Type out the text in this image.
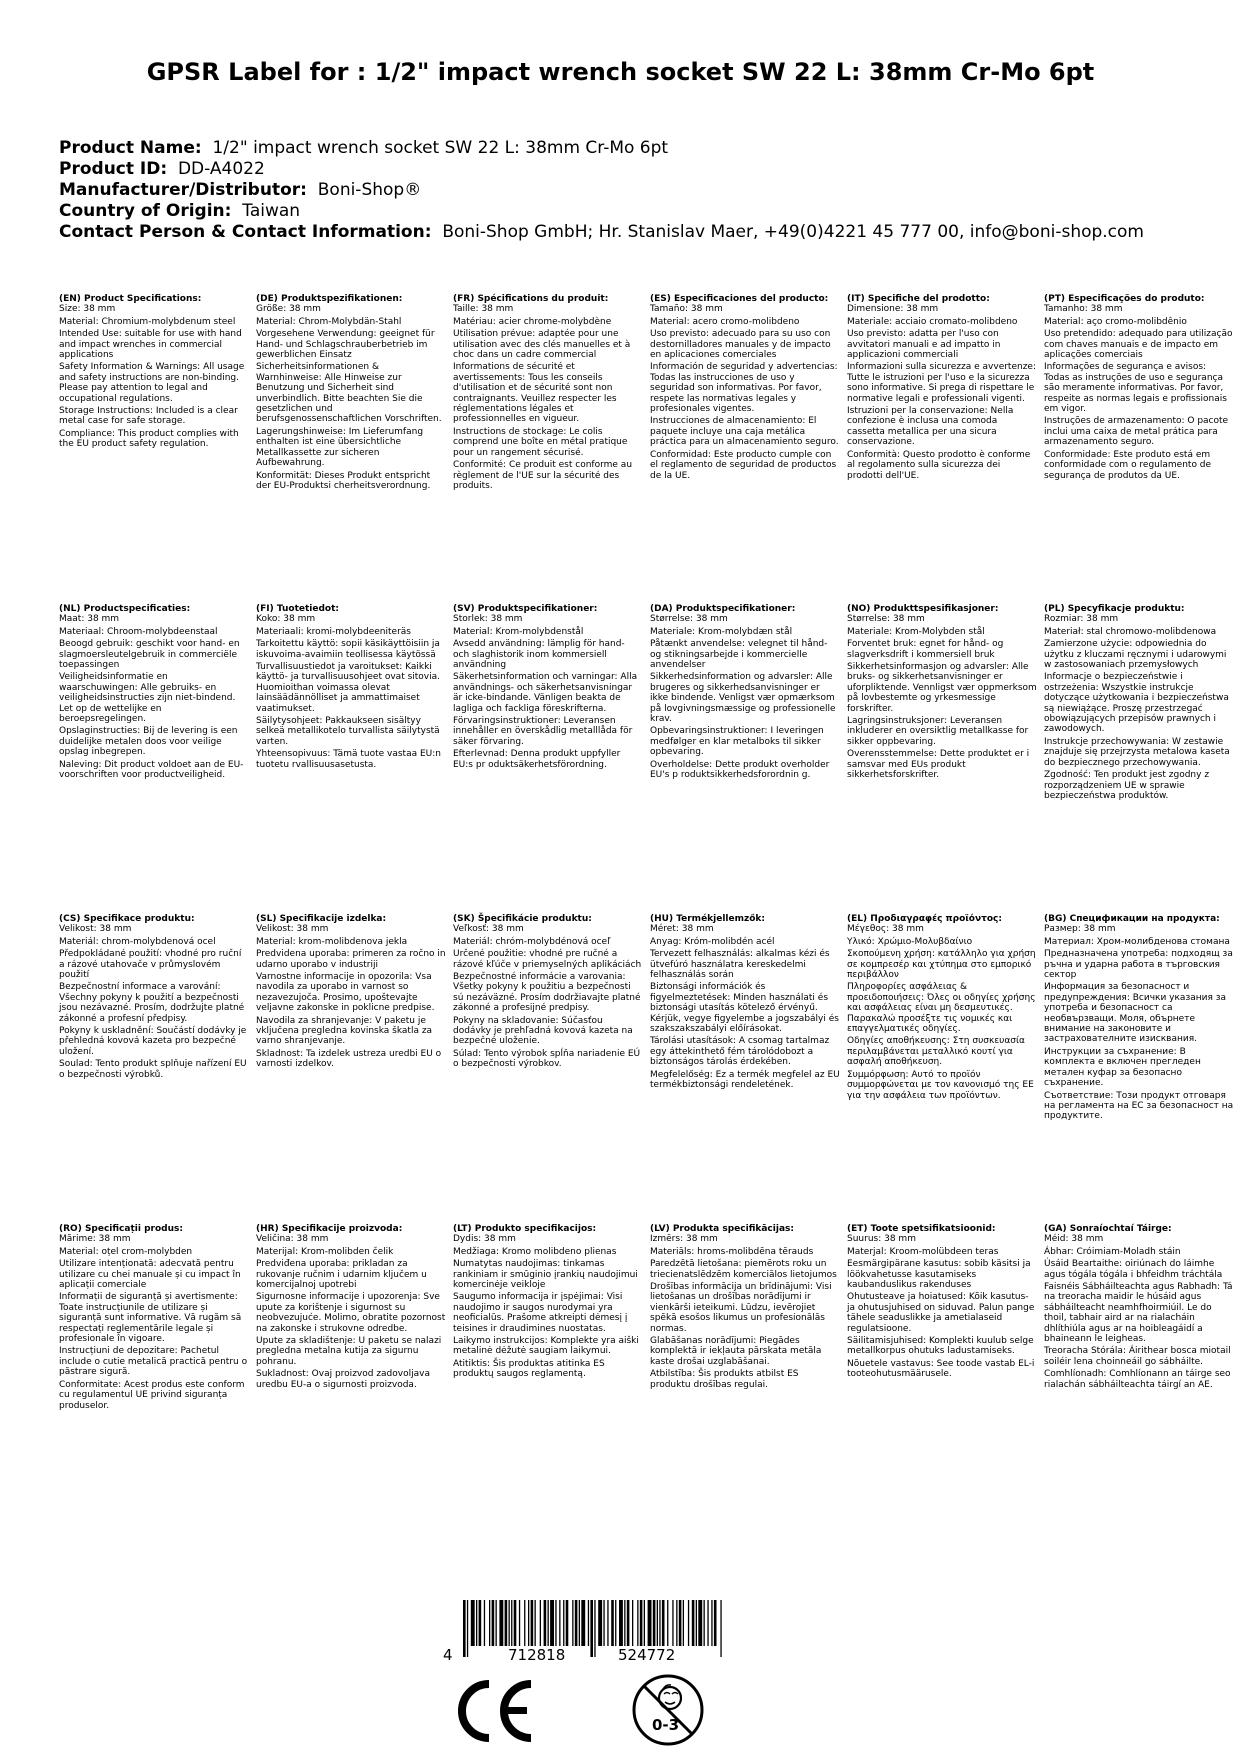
GPSR Label for : 1/2" impact wrench socket SW 22 L: 38mm Cr-Mo 6pt
Product Name: 1/2" impact wrench socket SW 22 L: 38mm Cr-Mo 6pt
Product ID: DD-A4022
Manufacturer/Distributor: Boni-Shop®
Country of Origin: Taiwan
Contact Person & Contact Information: Boni-Shop GmbH; Hr. Stanislav Maer, +49(0)4221 45 777 00, info@boni-shop.com
(EN) Product Specifications:

Size: 38 mm

Material: Chromium-molybdenum steel

Intended Use: suitable for use with hand and impact wrenches in commercial applications

Safety Information & Warnings: All usage and safety instructions are non-binding. Please pay attention to legal and occupational regulations.

Storage Instructions: Included is a clear metal case for safe storage.

Compliance: This product complies with the EU product safety regulation.

(DE) Produktspezifikationen:

Größe: 38 mm

Material: Chrom-Molybdän-Stahl

Vorgesehene Verwendung: geeignet für Hand- und Schlagschrauberbetrieb im gewerblichen Einsatz

Sicherheitsinformationen & Warnhinweise: Alle Hinweise zur Benutzung und Sicherheit sind unverbindlich. Bitte beachten Sie die gesetzlichen und berufsgenossenschaftlichen Vorschriften.

Lagerungshinweise: Im Lieferumfang enthalten ist eine übersichtliche Metallkassette zur sicheren Aufbewahrung.

Konformität: Dieses Produkt entspricht der EU-Produktsi cherheitsverordnung.

(FR) Spécifications du produit:

Taille: 38 mm

Matériau: acier chrome-molybdène

Utilisation prévue: adaptée pour une utilisation avec des clés manuelles et à choc dans un cadre commercial

Informations de sécurité et avertissements: Tous les conseils d'utilisation et de sécurité sont non contraignants. Veuillez respecter les réglementations légales et professionnelles en vigueur.

Instructions de stockage: Le colis comprend une boîte en métal pratique pour un rangement sécurisé.

Conformité: Ce produit est conforme au règlement de l'UE sur la sécurité des produits.

(ES) Especificaciones del producto:

Tamaño: 38 mm

Material: acero cromo-molibdeno

Uso previsto: adecuado para su uso con destornilladores manuales y de impacto en aplicaciones comerciales

Información de seguridad y advertencias: Todas las instrucciones de uso y seguridad son informativas. Por favor, respete las normativas legales y profesionales vigentes.

Instrucciones de almacenamiento: El paquete incluye una caja metálica práctica para un almacenamiento seguro.

Conformidad: Este producto cumple con el reglamento de seguridad de productos de la UE.

(IT) Specifiche del prodotto:

Dimensione: 38 mm

Materiale: acciaio cromato-molibdeno

Uso previsto: adatta per l'uso con avvitatori manuali e ad impatto in applicazioni commerciali

Informazioni sulla sicurezza e avvertenze: Tutte le istruzioni per l'uso e la sicurezza sono informative. Si prega di rispettare le normative legali e professionali vigenti.

Istruzioni per la conservazione: Nella confezione è inclusa una comoda cassetta metallica per una sicura conservazione.

Conformità: Questo prodotto è conforme al regolamento sulla sicurezza dei prodotti dell'UE.

(PT) Especificações do produto:

Tamanho: 38 mm

Material: aço cromo-molibdênio

Uso pretendido: adequado para utilização com chaves manuais e de impacto em aplicações comerciais

Informações de segurança e avisos: Todas as instruções de uso e segurança são meramente informativas. Por favor, respeite as normas legais e profissionais em vigor.

Instruções de armazenamento: O pacote inclui uma caixa de metal prática para armazenamento seguro.

Conformidade: Este produto está em conformidade com o regulamento de segurança de produtos da UE.

(NL) Productspecificaties:

Maat: 38 mm

Materiaal: Chroom-molybdeenstaal

Beoogd gebruik: geschikt voor hand- en slagmoersleutelgebruik in commerciële toepassingen

Veiligheidsinformatie en waarschuwingen: Alle gebruiks- en veiligheidsinstructies zijn niet-bindend. Let op de wettelijke en beroepsregelingen.

Opslaginstructies: Bij de levering is een duidelijke metalen doos voor veilige opslag inbegrepen.

Naleving: Dit product voldoet aan de EU-voorschriften voor productveiligheid.

(FI) Tuotetiedot:

Koko: 38 mm

Materiaali: kromi-molybdeeniteräs

Tarkoitettu käyttö: sopii käsikäyttöisiin ja iskuvoima-avaimiin teollisessa käytössä

Turvallisuustiedot ja varoitukset: Kaikki käyttö- ja turvallisuusohjeet ovat sitovia. Huomioithan voimassa olevat lainsäädännölliset ja ammattimaiset vaatimukset.

Säilytysohjeet: Pakkaukseen sisältyy selkeä metallikotelo turvallista säilytystä varten.

Yhteensopivuus: Tämä tuote vastaa EU:n tuotetu rvallisuusasetusta.

(SV) Produktspecifikationer:

Storlek: 38 mm

Material: Krom-molybdenstål

Avsedd användning: lämplig för hand- och slaghistorik inom kommersiell användning

Säkerhetsinformation och varningar: Alla användnings- och säkerhetsanvisningar är icke-bindande. Vänligen beakta de lagliga och fackliga föreskrifterna.

Förvaringsinstruktioner: Leveransen innehåller en överskådlig metalllåda för säker förvaring.

Efterlevnad: Denna produkt uppfyller EU:s pr oduktsäkerhetsförordning.

(DA) Produktspecifikationer:

Størrelse: 38 mm

Materiale: Krom-molybdæn stål

Påtænkt anvendelse: velegnet til hånd- og stikningsarbejde i kommercielle anvendelser

Sikkerhedsinformation og advarsler: Alle brugeres og sikkerhedsanvisninger er ikke bindende. Venligst vær opmærksom på lovgivningsmæssige og professionelle krav.

Opbevaringsinstruktioner: I leveringen medfølger en klar metalboks til sikker opbevaring.

Overholdelse: Dette produkt overholder EU's p roduktsikkerhedsforordnin g.

(NO) Produkttspesifikasjoner:

Størrelse: 38 mm

Materiale: Krom-Molybden stål

Forventet bruk: egnet for hånd- og slagverksdrift i kommersiell bruk

Sikkerhetsinformasjon og advarsler: Alle bruks- og sikkerhetsanvisninger er uforpliktende. Vennligst vær oppmerksom på lovbestemte og yrkesmessige forskrifter.

Lagringsinstruksjoner: Leveransen inkluderer en oversiktlig metallkasse for sikker oppbevaring.

Overensstemmelse: Dette produktet er i samsvar med EUs produkt sikkerhetsforskrifter.

(PL) Specyfikacje produktu:

Rozmiar: 38 mm

Materiał: stal chromowo-molibdenowa

Zamierzone użycie: odpowiednia do użytku z kluczami ręcznymi i udarowymi w zastosowaniach przemysłowych

Informacje o bezpieczeństwie i ostrzeżenia: Wszystkie instrukcje dotyczące użytkowania i bezpieczeństwa są niewiążące. Proszę przestrzegać obowiązujących przepisów prawnych i zawodowych.

Instrukcje przechowywania: W zestawie znajduje się przejrzysta metalowa kaseta do bezpiecznego przechowywania.

Zgodność: Ten produkt jest zgodny z rozporządzeniem UE w sprawie bezpieczeństwa produktów.

(CS) Specifikace produktu:

Velikost: 38 mm

Materiál: chrom-molybdenová ocel

Předpokládané použití: vhodné pro ruční a rázové utahovače v průmyslovém použití

Bezpečnostní informace a varování: Všechny pokyny k použití a bezpečnosti jsou nezávazné. Prosím, dodržujte platné zákonné a profesní předpisy.

Pokyny k uskladnění: Součástí dodávky je přehledná kovová kazeta pro bezpečné uložení.

Soulad: Tento produkt splňuje nařízení EU o bezpečnosti výrobků.

(SL) Specifikacije izdelka:

Velikost: 38 mm

Material: krom-molibdenova jekla

Predvidena uporaba: primeren za ročno in udarno uporabo v industriji

Varnostne informacije in opozorila: Vsa navodila za uporabo in varnost so nezavezujoča. Prosimo, upoštevajte veljavne zakonske in poklicne predpise.

Navodila za shranjevanje: V paketu je vključena pregledna kovinska škatla za varno shranjevanje.

Skladnost: Ta izdelek ustreza uredbi EU o varnosti izdelkov.

(SK) Špecifikácie produktu:

Veľkosť: 38 mm

Materiál: chróm-molybdénová oceľ

Určené použitie: vhodné pre ručné a rázové kľúče v priemyselných aplikáciách

Bezpečnostné informácie a varovania: Všetky pokyny k použitiu a bezpečnosti sú nezáväzné. Prosím dodržiavajte platné zákonné a profesijné predpisy.

Pokyny na skladovanie: Súčasťou dodávky je prehľadná kovová kazeta na bezpečné uloženie.

Súlad: Tento výrobok spĺňa nariadenie EÚ o bezpečnosti výrobkov.

(HU) Termékjellemzők:

Méret: 38 mm

Anyag: Króm-molibdén acél

Tervezett felhasználás: alkalmas kézi és ütvefúró használatra kereskedelmi felhasználás során

Biztonsági információk és figyelmeztetések: Minden használati és biztonsági utasítás kötelező érvényű. Kérjük, vegye figyelembe a jogszabályi és szakszakszabályi előírásokat.

Tárolási utasítások: A csomag tartalmaz egy áttekinthető fém tárolódobozt a biztonságos tárolás érdekében.

Megfelelőség: Ez a termék megfelel az EU termékbiztonsági rendeletének.

(EL) Προδιαγραφές προϊόντος:

Μέγεθος: 38 mm

Υλικό: Χρώμιο-Μολυβδαίνιο

Σκοπούμενη χρήση: κατάλληλο για χρήση σε κομπρεσέρ και χτύπημα στο εμπορικό περιβάλλον

Πληροφορίες ασφάλειας & προειδοποιήσεις: Όλες οι οδηγίες χρήσης και ασφάλειας είναι μη δεσμευτικές. Παρακαλώ προσέξτε τις νομικές και επαγγελματικές οδηγίες.

Οδηγίες αποθήκευσης: Στη συσκευασία περιλαμβάνεται μεταλλικό κουτί για ασφαλή αποθήκευση.

Συμμόρφωση: Αυτό το προϊόν συμμορφώνεται με τον κανονισμό της ΕΕ για την ασφάλεια των προϊόντων.

(BG) Спецификации на продукта:

Размер: 38 mm

Материал: Хром-молибденова стомана

Предназначена употреба: подходящ за ръчна и ударна работа в търговския сектор

Информация за безопасност и предупреждения: Всички указания за употреба и безопасност са необвързващи. Моля, обърнете внимание на законовите и застраховатeлните изисквания.

Инструкции за съхранение: В комплекта е включен прегледен метален куфар за безопасно съхранение.

Съответствие: Този продукт отговаря на регламента на ЕС за безопасност на продуктите.

(RO) Specificații produs:

Mărime: 38 mm

Material: oțel crom-molybden

Utilizare intenționată: adecvată pentru utilizare cu chei manuale și cu impact în aplicații comerciale

Informații de siguranță și avertismente: Toate instrucțiunile de utilizare și siguranță sunt informative. Vă rugăm să respectați reglementările legale și profesionale în vigoare.

Instrucțiuni de depozitare: Pachetul include o cutie metalică practică pentru o păstrare sigură.

Conformitate: Acest produs este conform cu regulamentul UE privind siguranța produselor.

(HR) Specifikacije proizvoda:

Veličina: 38 mm

Materijal: Krom-molibden čelik

Predviđena uporaba: prikladan za rukovanje ručnim i udarnim ključem u komercijalnoj upotrebi

Sigurnosne informacije i upozorenja: Sve upute za korištenje i sigurnost su neobvezujuće. Molimo, obratite pozornost na zakonske i strukovne odredbe.

Upute za skladištenje: U paketu se nalazi pregledna metalna kutija za sigurnu pohranu.

Sukladnost: Ovaj proizvod zadovoljava uredbu EU-a o sigurnosti proizvoda.

(LT) Produkto specifikacijos:

Dydis: 38 mm

Medžiaga: Kromo molibdeno plienas

Numatytas naudojimas: tinkamas rankiniam ir smūginio įrankių naudojimui komercinėje veikloje

Saugumo informacija ir įspėjimai: Visi naudojimo ir saugos nurodymai yra neoficialūs. Prašome atkreipti dėmesį į teisines ir draudimines nuostatas.

Laikymo instrukcijos: Komplekte yra aiški metalinė dėžutė saugiam laikymui.

Atitiktis: Šis produktas atitinka ES produktų saugos reglamentą.

(LV) Produkta specifikācijas:

Izmērs: 38 mm

Materiāls: hroms-molibdēna tērauds

Paredzētā lietošana: piemērots roku un triecienatslēdzēm komerciālos lietojumos

Drošības informācija un brīdinājumi: Visi lietošanas un drošības norādījumi ir vienkārši ieteikumi. Lūdzu, ievērojiet spēkā esošos likumus un profesionālās normas.

Glabāšanas norādījumi: Piegādes komplektā ir iekļauta pārskata metāla kaste drošai uzglabāšanai.

Atbilstība: Šis produkts atbilst ES produktu drošības regulai.

(ET) Toote spetsifikatsioonid:

Suurus: 38 mm

Materjal: Kroom-molübdeen teras

Eesmärgipärane kasutus: sobib käsitsi ja löökvahetusse kasutamiseks kaubanduslikus rakenduses

Ohutusteave ja hoiatused: Kõik kasutus- ja ohutusjuhised on siduvad. Palun pange tähele seaduslikke ja ametialaseid regulatsioone.

Säilitamisjuhised: Komplekti kuulub selge metallkorpus ohutuks ladustamiseks.

Nõuetele vastavus: See toode vastab EL-i tooteohutusmäärusele.

(GA) Sonraíochtaí Táirge:

Méid: 38 mm

Ábhar: Cróimiam-Moladh stáin

Úsáid Beartaithe: oiriúnach do láimhe agus tógála tógála i bhfeidhm tráchtála

Faisnéis Sábháilteachta agus Rabhadh: Tá na treoracha maidir le húsáid agus sábháilteacht neamhfhoirmiúil. Le do thoil, tabhair aird ar na rialacháin dhlíthiúla agus ar na hoibleagáidí a bhaineann le leigheas.

Treoracha Stórála: Áirithear bosca miotail soiléir lena choinneáil go sábháilte.

Comhlíonadh: Comhlíonann an táirge seo rialachán sábháilteachta táirgí an AE.

4	712818	524772
0-3
